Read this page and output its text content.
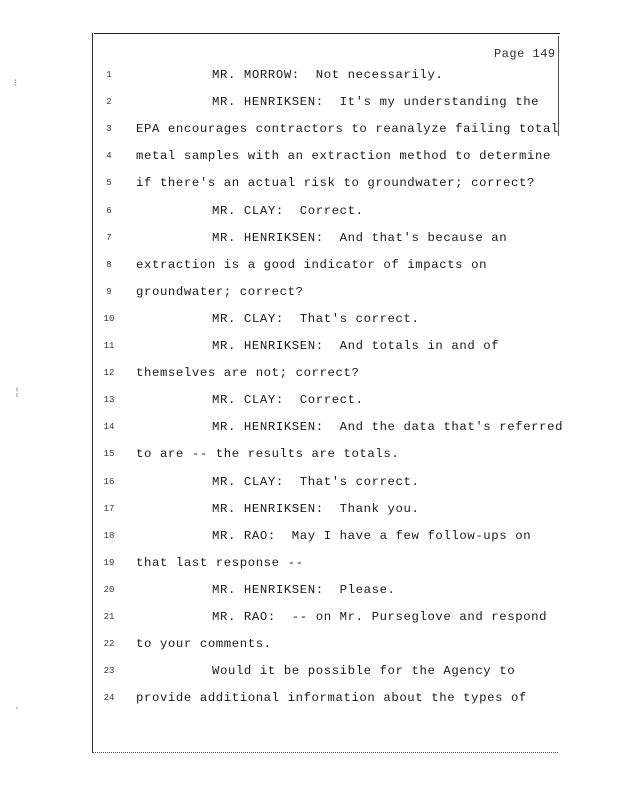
⁝
¦
·
Page 149
1	MR. MORROW:  Not necessarily.
2	MR. HENRIKSEN:  It's my understanding the
3	EPA encourages contractors to reanalyze failing total
4	metal samples with an extraction method to determine
5	if there's an actual risk to groundwater; correct?
6	MR. CLAY:  Correct.
7	MR. HENRIKSEN:  And that's because an
8	extraction is a good indicator of impacts on
9	groundwater; correct?
10	MR. CLAY:  That's correct.
11	MR. HENRIKSEN:  And totals in and of
12 themselves are not; correct?
13	MR. CLAY:  Correct.
14	MR. HENRIKSEN:  And the data that's referred
15 to are -- the results are totals.
16	MR. CLAY:  That's correct.
17	MR. HENRIKSEN:  Thank you.
18	MR. RAO:  May I have a few follow-ups on
19 that last response --
20	MR. HENRIKSEN:  Please.
21	MR. RAO:  -- on Mr. Purseglove and respond
22 to your comments.
23	Would it be possible for the Agency to
24 provide additional information about the types of
